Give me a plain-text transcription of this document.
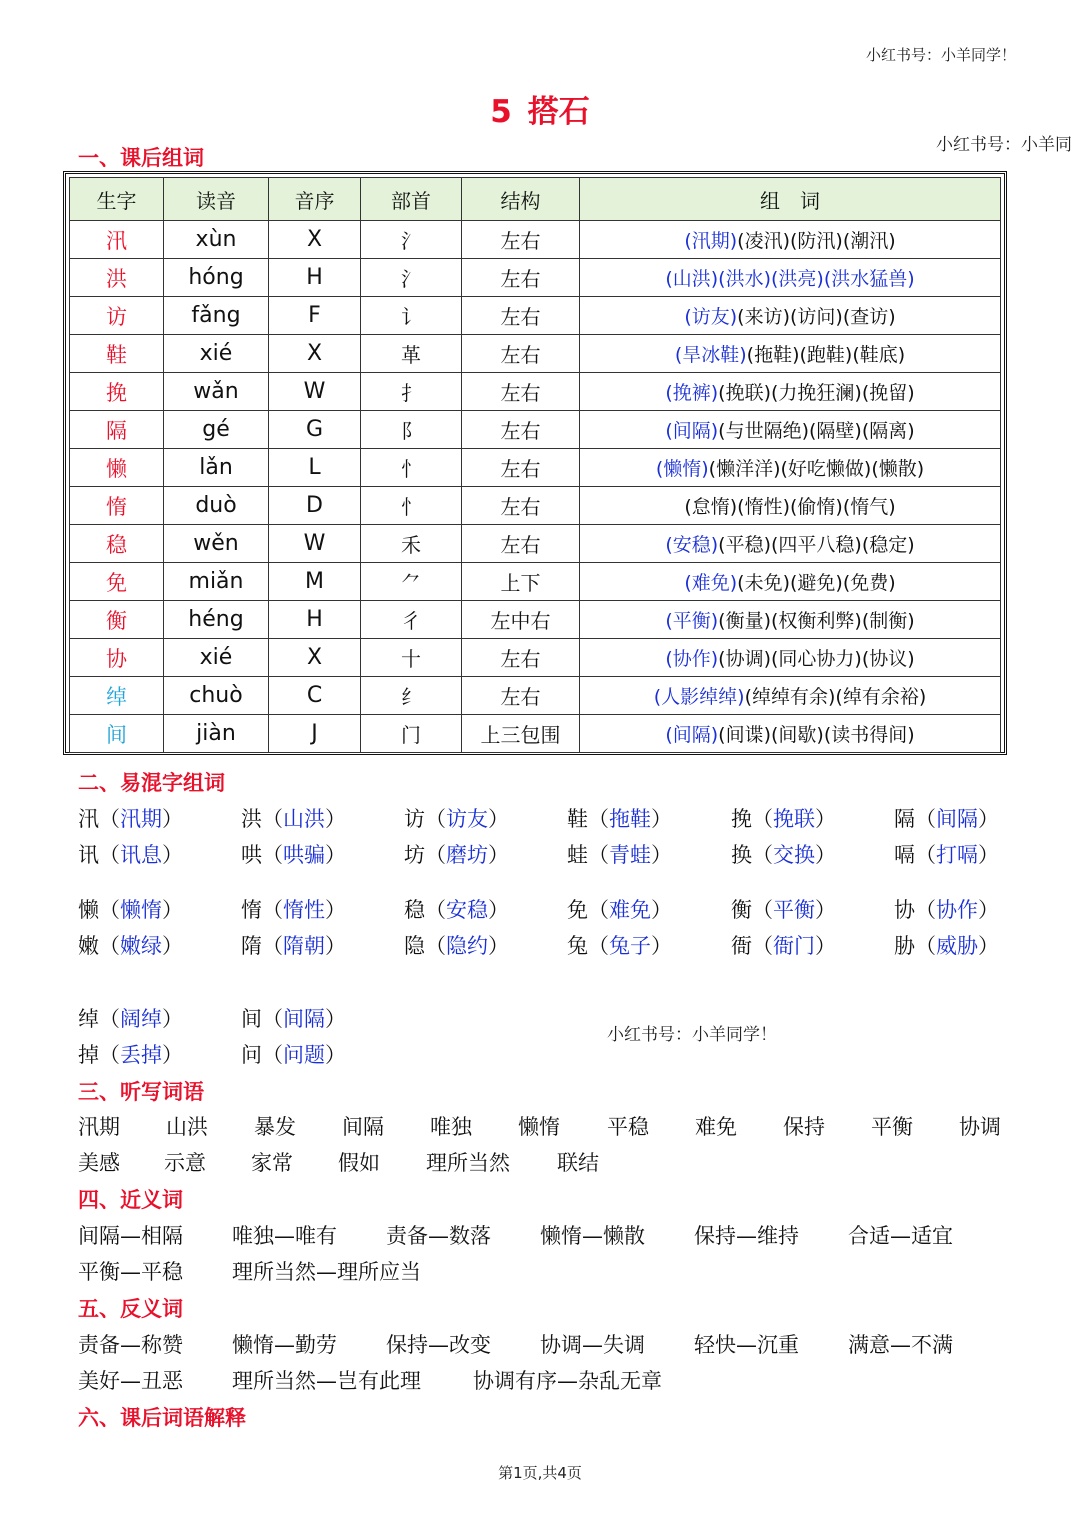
小红书号：小羊同学！
5 搭石
小红书号：小羊同
一、课后组词
生字	读音	音序	部首	结构	组　词
汛	xùn	X	氵	左右	(汛期)(凌汛)(防汛)(潮汛)
洪	hóng	H	氵	左右	(山洪)(洪水)(洪亮)(洪水猛兽)
访	fǎng	F	讠	左右	(访友)(来访)(访问)(查访)
鞋	xié	X	革	左右	(旱冰鞋)(拖鞋)(跑鞋)(鞋底)
挽	wǎn	W	扌	左右	(挽裤)(挽联)(力挽狂澜)(挽留)
隔	gé	G	阝	左右	(间隔)(与世隔绝)(隔壁)(隔离)
懒	lǎn	L	忄	左右	(懒惰)(懒洋洋)(好吃懒做)(懒散)
惰	duò	D	忄	左右	(怠惰)(惰性)(偷惰)(惰气)
稳	wěn	W	禾	左右	(安稳)(平稳)(四平八稳)(稳定)
免	miǎn	M	⺈	上下	(难免)(未免)(避免)(免费)
衡	héng	H	彳	左中右	(平衡)(衡量)(权衡利弊)(制衡)
协	xié	X	十	左右	(协作)(协调)(同心协力)(协议)
绰	chuò	C	纟	左右	(人影绰绰)(绰绰有余)(绰有余裕)
间	jiàn	J	门	上三包围	(间隔)(间谍)(间歇)(读书得间)
二、易混字组词
汛（汛期）	洪（山洪）	访（访友）	鞋（拖鞋）	挽（挽联）	隔（间隔）
讯（讯息）	哄（哄骗）	坊（磨坊）	蛙（青蛙）	换（交换）	嗝（打嗝）
懒（懒惰）	惰（惰性）	稳（安稳）	免（难免）	衡（平衡）	协（协作）
嫩（嫩绿）	隋（隋朝）	隐（隐约）	兔（兔子）	衙（衙门）	胁（威胁）
绰（阔绰）	间（间隔）
掉（丢掉）	问（问题）
小红书号：小羊同学！
三、听写词语
汛期 山洪 暴发 间隔 唯独 懒惰 平稳 难免 保持 平衡 协调
美感 示意 家常 假如 理所当然 联结
四、近义词
间隔—相隔 唯独—唯有 责备—数落 懒惰—懒散 保持—维持 合适—适宜
平衡—平稳 理所当然—理所应当
五、反义词
责备—称赞 懒惰—勤劳 保持—改变 协调—失调 轻快—沉重 满意—不满
美好—丑恶 理所当然—岂有此理 协调有序—杂乱无章
六、课后词语解释
第1页,共4页
